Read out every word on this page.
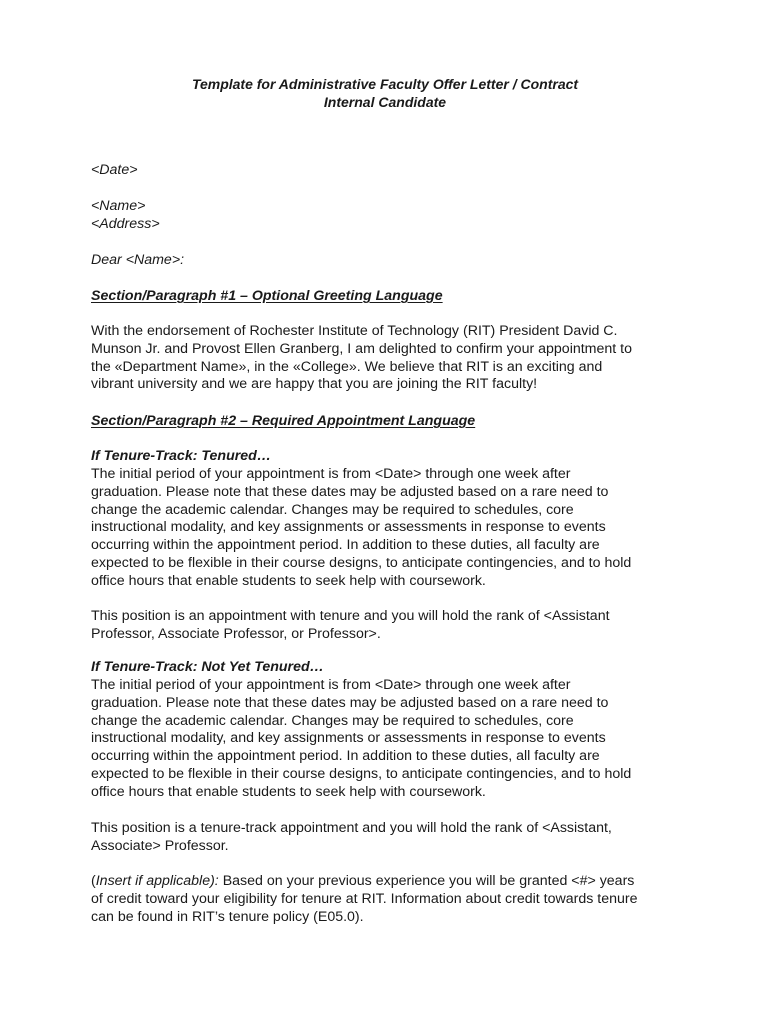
Template for Administrative Faculty Offer Letter / Contract
Internal Candidate
<Date>
<Name>
<Address>
Dear <Name>:
Section/Paragraph #1 – Optional Greeting Language
With the endorsement of Rochester Institute of Technology (RIT) President David C.
Munson Jr. and Provost Ellen Granberg, I am delighted to confirm your appointment to
the «Department Name», in the «College». We believe that RIT is an exciting and
vibrant university and we are happy that you are joining the RIT faculty!
Section/Paragraph #2 – Required Appointment Language
If Tenure-Track: Tenured…
The initial period of your appointment is from <Date> through one week after
graduation. Please note that these dates may be adjusted based on a rare need to
change the academic calendar. Changes may be required to schedules, core
instructional modality, and key assignments or assessments in response to events
occurring within the appointment period. In addition to these duties, all faculty are
expected to be flexible in their course designs, to anticipate contingencies, and to hold
office hours that enable students to seek help with coursework.
This position is an appointment with tenure and you will hold the rank of <Assistant
Professor, Associate Professor, or Professor>.
If Tenure-Track: Not Yet Tenured…
The initial period of your appointment is from <Date> through one week after
graduation. Please note that these dates may be adjusted based on a rare need to
change the academic calendar. Changes may be required to schedules, core
instructional modality, and key assignments or assessments in response to events
occurring within the appointment period. In addition to these duties, all faculty are
expected to be flexible in their course designs, to anticipate contingencies, and to hold
office hours that enable students to seek help with coursework.
This position is a tenure-track appointment and you will hold the rank of <Assistant,
Associate> Professor.
(Insert if applicable): Based on your previous experience you will be granted <#> years
of credit toward your eligibility for tenure at RIT. Information about credit towards tenure
can be found in RIT’s tenure policy (E05.0).
